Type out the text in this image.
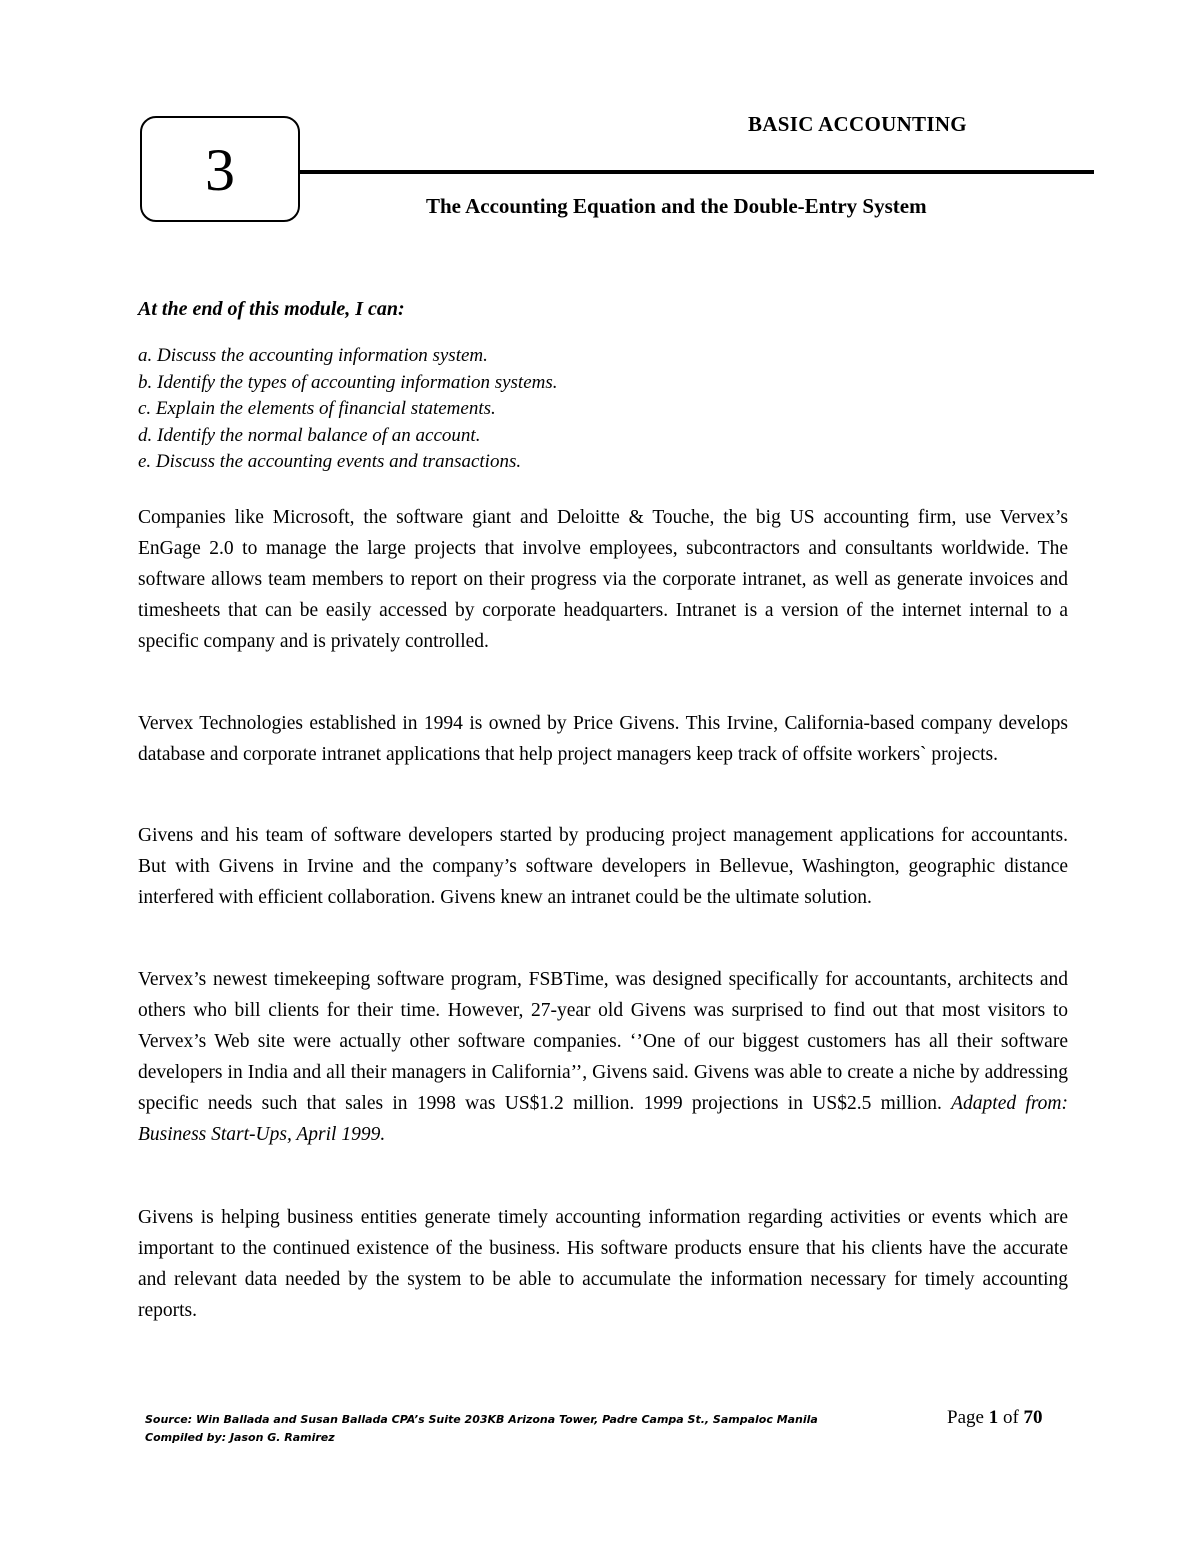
3
BASIC ACCOUNTING
The Accounting Equation and the Double-Entry System
At the end of this module, I can:
a. Discuss the accounting information system.
b. Identify the types of accounting information systems.
c. Explain the elements of financial statements.
d. Identify the normal balance of an account.
e. Discuss the accounting events and transactions.

Companies like Microsoft, the software giant and Deloitte & Touche, the big US accounting firm, use Vervex’s EnGage 2.0 to manage the large projects that involve employees, subcontractors and consultants worldwide. The software allows team members to report on their progress via the corporate intranet, as well as generate invoices and timesheets that can be easily accessed by corporate headquarters. Intranet is a version of the internet internal to a specific company and is privately controlled.

Vervex Technologies established in 1994 is owned by Price Givens. This Irvine, California-based company develops database and corporate intranet applications that help project managers keep track of offsite workers` projects.

Givens and his team of software developers started by producing project management applications for accountants. But with Givens in Irvine and the company’s software developers in Bellevue, Washington, geographic distance interfered with efficient collaboration. Givens knew an intranet could be the ultimate solution.

Vervex’s newest timekeeping software program, FSBTime, was designed specifically for accountants, architects and others who bill clients for their time. However, 27-year old Givens was surprised to find out that most visitors to Vervex’s Web site were actually other software companies. ‘’One of our biggest customers has all their software developers in India and all their managers in California’’, Givens said. Givens was able to create a niche by addressing specific needs such that sales in 1998 was US$1.2 million. 1999 projections in US$2.5 million. Adapted from: Business Start-Ups, April 1999.

Givens is helping business entities generate timely accounting information regarding activities or events which are important to the continued existence of the business. His software products ensure that his clients have the accurate and relevant data needed by the system to be able to accumulate the information necessary for timely accounting reports.

Source: Win Ballada and Susan Ballada CPA’s Suite 203KB Arizona Tower, Padre Campa St., Sampaloc Manila
Compiled by: Jason G. Ramirez
Page 1 of 70
